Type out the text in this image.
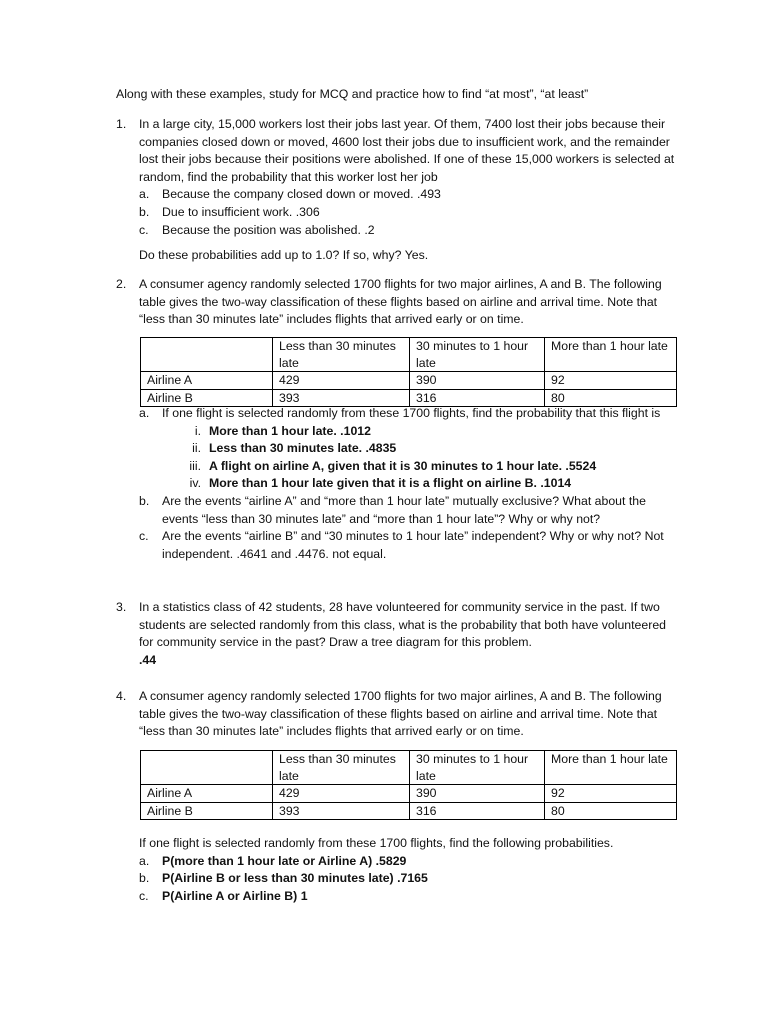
Along with these examples, study for MCQ and practice how to find “at most”, “at least”
1.	In a large city, 15,000 workers lost their jobs last year. Of them, 7400 lost their jobs because their companies closed down or moved, 4600 lost their jobs due to insufficient work, and the remainder lost their jobs because their positions were abolished. If one of these 15,000 workers is selected at random, find the probability that this worker lost her job
a.	Because the company closed down or moved. .493
b.	Due to insufficient work. .306
c.	Because the position was abolished. .2
Do these probabilities add up to 1.0? If so, why? Yes.
2.	A consumer agency randomly selected 1700 flights for two major airlines, A and B. The following table gives the two-way classification of these flights based on airline and arrival time. Note that “less than 30 minutes late” includes flights that arrived early or on time.
	Less than 30 minutes late	30 minutes to 1 hour late	More than 1 hour late
Airline A	429	390	92
Airline B	393	316	80
a.	If one flight is selected randomly from these 1700 flights, find the probability that this flight is
i. More than 1 hour late. .1012
ii. Less than 30 minutes late. .4835
iii. A flight on airline A, given that it is 30 minutes to 1 hour late. .5524
iv. More than 1 hour late given that it is a flight on airline B. .1014
b.	Are the events “airline A” and “more than 1 hour late” mutually exclusive? What about the events “less than 30 minutes late” and “more than 1 hour late”? Why or why not?
c.	Are the events “airline B” and “30 minutes to 1 hour late” independent? Why or why not? Not independent. .4641 and .4476. not equal.
3.	In a statistics class of 42 students, 28 have volunteered for community service in the past. If two students are selected randomly from this class, what is the probability that both have volunteered for community service in the past? Draw a tree diagram for this problem.
.44
4.	A consumer agency randomly selected 1700 flights for two major airlines, A and B. The following table gives the two-way classification of these flights based on airline and arrival time. Note that “less than 30 minutes late” includes flights that arrived early or on time.
	Less than 30 minutes late	30 minutes to 1 hour late	More than 1 hour late
Airline A	429	390	92
Airline B	393	316	80
If one flight is selected randomly from these 1700 flights, find the following probabilities.
a.	P(more than 1 hour late or Airline A) .5829
b.	P(Airline B or less than 30 minutes late) .7165
c.	P(Airline A or Airline B) 1
